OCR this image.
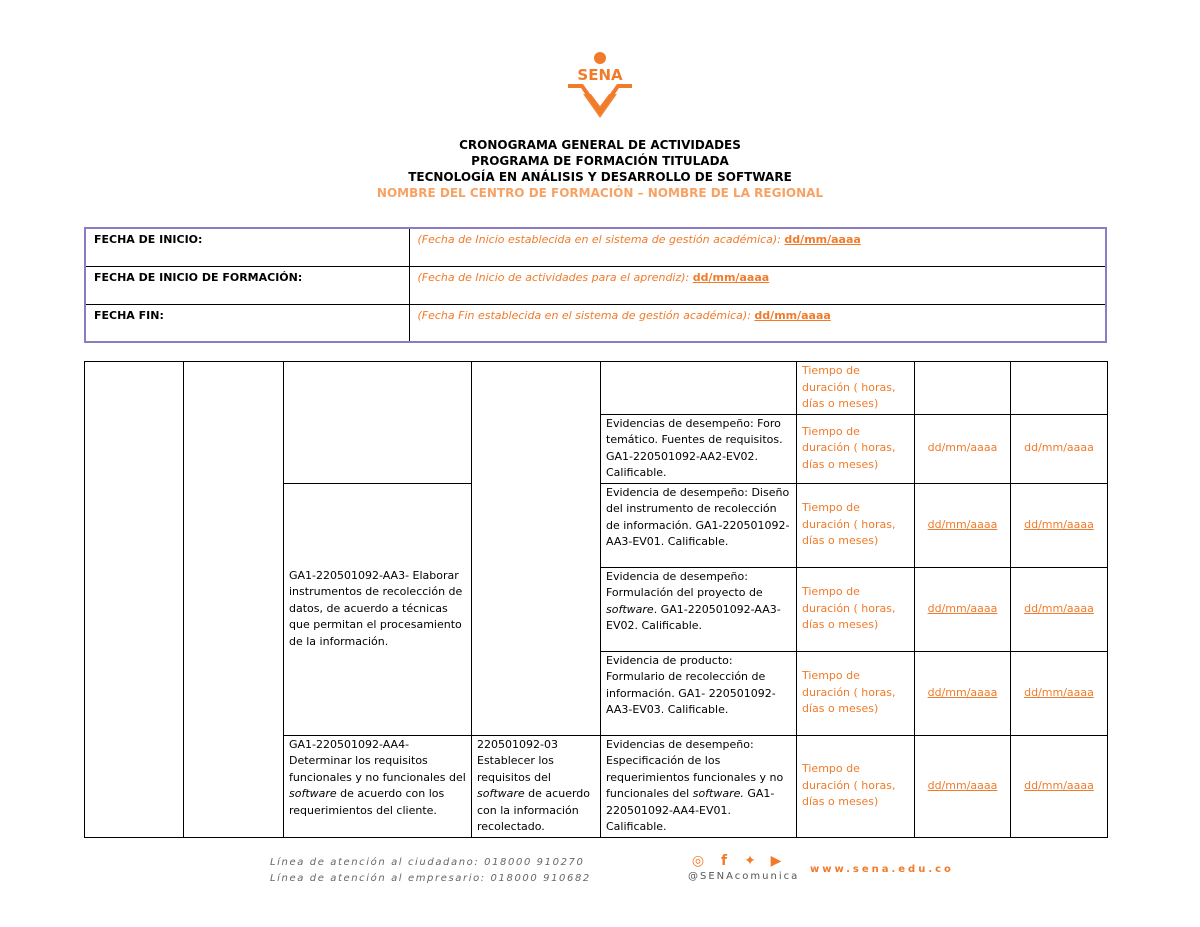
SENA
CRONOGRAMA GENERAL DE ACTIVIDADES
PROGRAMA DE FORMACIÓN TITULADA
TECNOLOGÍA EN ANÁLISIS Y DESARROLLO DE SOFTWARE
NOMBRE DEL CENTRO DE FORMACIÓN – NOMBRE DE LA REGIONAL
FECHA DE INICIO:	(Fecha de Inicio establecida en el sistema de gestión académica): dd/mm/aaaa
FECHA DE INICIO DE FORMACIÓN:	(Fecha de Inicio de actividades para el aprendiz): dd/mm/aaaa
FECHA FIN:	(Fecha Fin establecida en el sistema de gestión académica): dd/mm/aaaa
					Tiempo de duración ( horas, días o meses)		
				Evidencias de desempeño: Foro temático. Fuentes de requisitos. GA1-220501092-AA2-EV02. Calificable.	Tiempo de duración ( horas, días o meses)	dd/mm/aaaa	dd/mm/aaaa
		GA1-220501092-AA3- Elaborar instrumentos de recolección de datos, de acuerdo a técnicas que permitan el procesamiento de la información.		Evidencia de desempeño: Diseño del instrumento de recolección de información. GA1-220501092-AA3-EV01. Calificable.	Tiempo de duración ( horas, días o meses)	dd/mm/aaaa	dd/mm/aaaa
				Evidencia de desempeño: Formulación del proyecto de software. GA1-220501092-AA3-EV02. Calificable.	Tiempo de duración ( horas, días o meses)	dd/mm/aaaa	dd/mm/aaaa
				Evidencia de producto: Formulario de recolección de información. GA1- 220501092-AA3-EV03. Calificable.	Tiempo de duración ( horas, días o meses)	dd/mm/aaaa	dd/mm/aaaa
		GA1-220501092-AA4- Determinar los requisitos funcionales y no funcionales del software de acuerdo con los requerimientos del cliente.	220501092-03 Establecer los requisitos del software de acuerdo con la información recolectado.	Evidencias de desempeño: Especificación de los requerimientos funcionales y no funcionales del software. GA1-220501092-AA4-EV01. Calificable.	Tiempo de duración ( horas, días o meses)	dd/mm/aaaa	dd/mm/aaaa
Línea de atención al ciudadano: 018000 910270
Línea de atención al empresario: 018000 910682
◎	f	✦ ▶
@SENAcomunica
www.sena.edu.co
